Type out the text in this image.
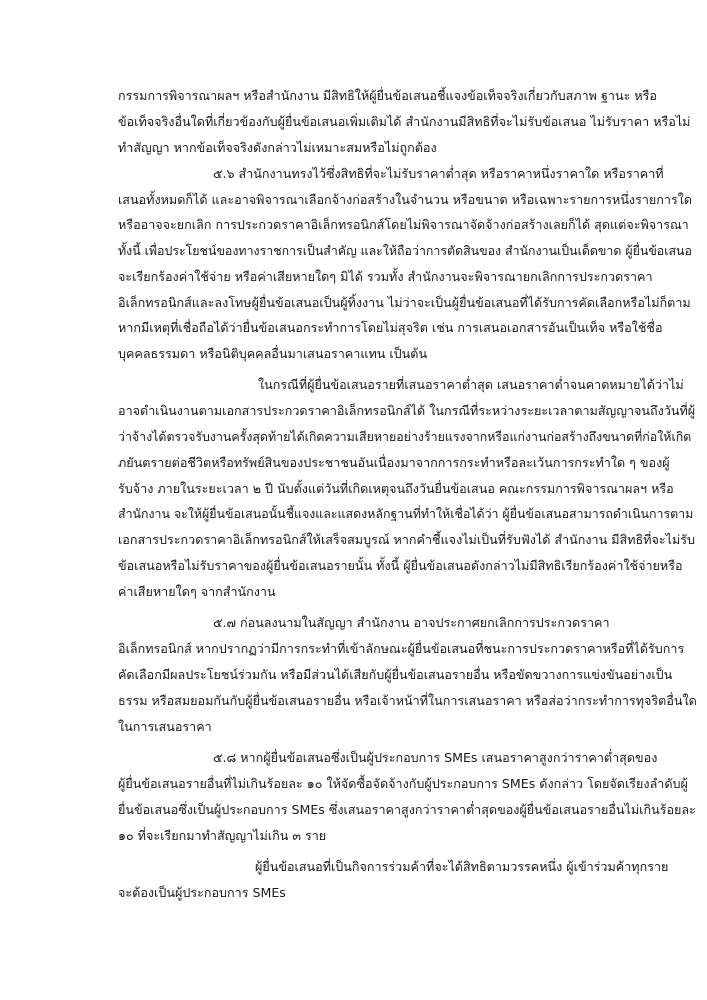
กรรมการพิจารณาผลฯ หรือสำนักงาน มีสิทธิให้ผู้ยื่นข้อเสนอชี้แจงข้อเท็จจริงเกี่ยวกับสภาพ ฐานะ หรือ
ข้อเท็จจริงอื่นใดที่เกี่ยวข้องกับผู้ยื่นข้อเสนอเพิ่มเติมได้ สำนักงานมีสิทธิที่จะไม่รับข้อเสนอ ไม่รับราคา หรือไม่
ทำสัญญา หากข้อเท็จจริงดังกล่าวไม่เหมาะสมหรือไม่ถูกต้อง
๕.๖ สำนักงานทรงไว้ซึ่งสิทธิที่จะไม่รับราคาต่ำสุด หรือราคาหนึ่งราคาใด หรือราคาที่
เสนอทั้งหมดก็ได้ และอาจพิจารณาเลือกจ้างก่อสร้างในจำนวน หรือขนาด หรือเฉพาะรายการหนึ่งรายการใด
หรืออาจจะยกเลิก การประกวดราคาอิเล็กทรอนิกส์โดยไม่พิจารณาจัดจ้างก่อสร้างเลยก็ได้ สุดแต่จะพิจารณา
ทั้งนี้ เพื่อประโยชน์ของทางราชการเป็นสำคัญ และให้ถือว่าการตัดสินของ สำนักงานเป็นเด็ดขาด ผู้ยื่นข้อเสนอ
จะเรียกร้องค่าใช้จ่าย หรือค่าเสียหายใดๆ มิได้ รวมทั้ง สำนักงานจะพิจารณายกเลิกการประกวดราคา
อิเล็กทรอนิกส์และลงโทษผู้ยื่นข้อเสนอเป็นผู้ทิ้งงาน ไม่ว่าจะเป็นผู้ยื่นข้อเสนอที่ได้รับการคัดเลือกหรือไม่ก็ตาม
หากมีเหตุที่เชื่อถือได้ว่ายื่นข้อเสนอกระทำการโดยไม่สุจริต เช่น การเสนอเอกสารอันเป็นเท็จ หรือใช้ชื่อ
บุคคลธรรมดา หรือนิติบุคคลอื่นมาเสนอราคาแทน เป็นต้น
ในกรณีที่ผู้ยื่นข้อเสนอรายที่เสนอราคาต่ำสุด เสนอราคาต่ำจนคาดหมายได้ว่าไม่
อาจดำเนินงานตามเอกสารประกวดราคาอิเล็กทรอนิกส์ได้ ในกรณีที่ระหว่างระยะเวลาตามสัญญาจนถึงวันที่ผู้
ว่าจ้างได้ตรวจรับงานครั้งสุดท้ายได้เกิดความเสียหายอย่างร้ายแรงจากหรือแก่งานก่อสร้างถึงขนาดที่ก่อให้เกิด
ภยันตรายต่อชีวิตหรือทรัพย์สินของประชาชนอันเนื่องมาจากการกระทำหรือละเว้นการกระทำใด ๆ ของผู้
รับจ้าง ภายในระยะเวลา ๒ ปี นับตั้งแต่วันที่เกิดเหตุจนถึงวันยื่นข้อเสนอ คณะกรรมการพิจารณาผลฯ หรือ
สำนักงาน จะให้ผู้ยื่นข้อเสนอนั้นชี้แจงและแสดงหลักฐานที่ทำให้เชื่อได้ว่า ผู้ยื่นข้อเสนอสามารถดำเนินการตาม
เอกสารประกวดราคาอิเล็กทรอนิกส์ให้เสร็จสมบูรณ์ หากคำชี้แจงไม่เป็นที่รับฟังได้ สำนักงาน มีสิทธิที่จะไม่รับ
ข้อเสนอหรือไม่รับราคาของผู้ยื่นข้อเสนอรายนั้น ทั้งนี้ ผู้ยื่นข้อเสนอดังกล่าวไม่มีสิทธิเรียกร้องค่าใช้จ่ายหรือ
ค่าเสียหายใดๆ จากสำนักงาน
๕.๗ ก่อนลงนามในสัญญา สำนักงาน อาจประกาศยกเลิกการประกวดราคา
อิเล็กทรอนิกส์ หากปรากฏว่ามีการกระทำที่เข้าลักษณะผู้ยื่นข้อเสนอที่ชนะการประกวดราคาหรือที่ได้รับการ
คัดเลือกมีผลประโยชน์ร่วมกัน หรือมีส่วนได้เสียกับผู้ยื่นข้อเสนอรายอื่น หรือขัดขวางการแข่งขันอย่างเป็น
ธรรม หรือสมยอมกันกับผู้ยื่นข้อเสนอรายอื่น หรือเจ้าหน้าที่ในการเสนอราคา หรือส่อว่ากระทำการทุจริตอื่นใด
ในการเสนอราคา
๕.๘ หากผู้ยื่นข้อเสนอซึ่งเป็นผู้ประกอบการ SMEs เสนอราคาสูงกว่าราคาต่ำสุดของ
ผู้ยื่นข้อเสนอรายอื่นที่ไม่เกินร้อยละ ๑๐ ให้จัดซื้อจัดจ้างกับผู้ประกอบการ SMEs ดังกล่าว โดยจัดเรียงลำดับผู้
ยื่นข้อเสนอซึ่งเป็นผู้ประกอบการ SMEs ซึ่งเสนอราคาสูงกว่าราคาต่ำสุดของผู้ยื่นข้อเสนอรายอื่นไม่เกินร้อยละ
๑๐ ที่จะเรียกมาทำสัญญาไม่เกิน ๓ ราย
ผู้ยื่นข้อเสนอที่เป็นกิจการร่วมค้าที่จะได้สิทธิตามวรรคหนึ่ง ผู้เข้าร่วมค้าทุกราย
จะต้องเป็นผู้ประกอบการ SMEs
